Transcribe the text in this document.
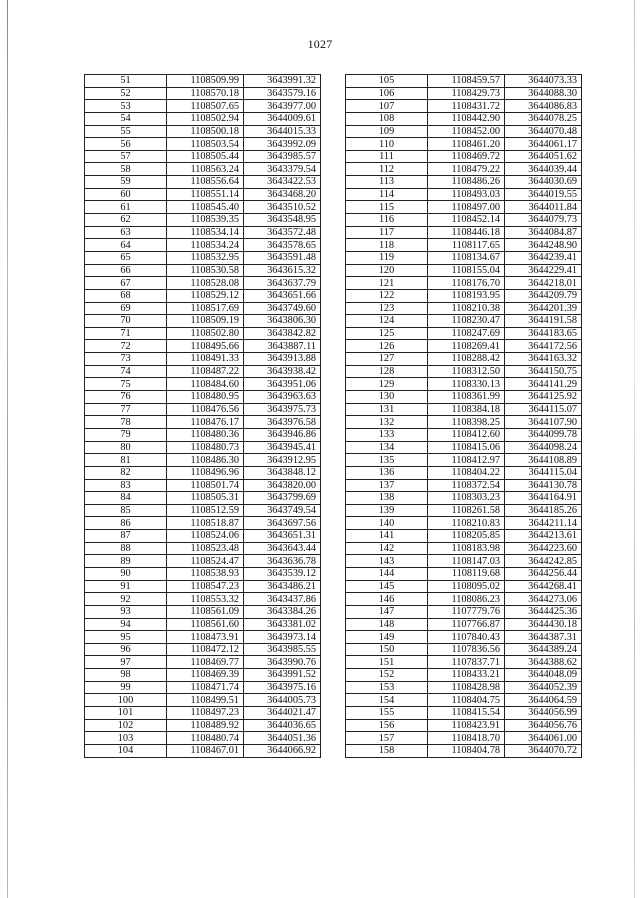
1027
51	1108509.99	3643991.32
52	1108570.18	3643579.16
53	1108507.65	3643977.00
54	1108502.94	3644009.61
55	1108500.18	3644015.33
56	1108503.54	3643992.09
57	1108505.44	3643985.57
58	1108563.24	3643379.54
59	1108556.64	3643422.53
60	1108551.14	3643468.20
61	1108545.40	3643510.52
62	1108539.35	3643548.95
63	1108534.14	3643572.48
64	1108534.24	3643578.65
65	1108532.95	3643591.48
66	1108530.58	3643615.32
67	1108528.08	3643637.79
68	1108529.12	3643651.66
69	1108517.69	3643749.60
70	1108509.19	3643806.30
71	1108502.80	3643842.82
72	1108495.66	3643887.11
73	1108491.33	3643913.88
74	1108487.22	3643938.42
75	1108484.60	3643951.06
76	1108480.95	3643963.63
77	1108476.56	3643975.73
78	1108476.17	3643976.58
79	1108480.36	3643946.86
80	1108480.73	3643945.41
81	1108486.30	3643912.95
82	1108496.96	3643848.12
83	1108501.74	3643820.00
84	1108505.31	3643799.69
85	1108512.59	3643749.54
86	1108518.87	3643697.56
87	1108524.06	3643651.31
88	1108523.48	3643643.44
89	1108524.47	3643636.78
90	1108538.93	3643539.12
91	1108547.23	3643486.21
92	1108553.32	3643437.86
93	1108561.09	3643384.26
94	1108561.60	3643381.02
95	1108473.91	3643973.14
96	1108472.12	3643985.55
97	1108469.77	3643990.76
98	1108469.39	3643991.52
99	1108471.74	3643975.16
100	1108499.51	3644005.73
101	1108497.23	3644021.47
102	1108489.92	3644036.65
103	1108480.74	3644051.36
104	1108467.01	3644066.92
105	1108459.57	3644073.33
106	1108429.73	3644088.30
107	1108431.72	3644086.83
108	1108442.90	3644078.25
109	1108452.00	3644070.48
110	1108461.20	3644061.17
111	1108469.72	3644051.62
112	1108479.22	3644039.44
113	1108486.26	3644030.69
114	1108493.03	3644019.55
115	1108497.00	3644011.84
116	1108452.14	3644079.73
117	1108446.18	3644084.87
118	1108117.65	3644248.90
119	1108134.67	3644239.41
120	1108155.04	3644229.41
121	1108176.70	3644218.01
122	1108193.95	3644209.79
123	1108210.38	3644201.39
124	1108230.47	3644191.58
125	1108247.69	3644183.65
126	1108269.41	3644172.56
127	1108288.42	3644163.32
128	1108312.50	3644150.75
129	1108330.13	3644141.29
130	1108361.99	3644125.92
131	1108384.18	3644115.07
132	1108398.25	3644107.90
133	1108412.60	3644099.78
134	1108415.06	3644098.24
135	1108412.97	3644108.89
136	1108404.22	3644115.04
137	1108372.54	3644130.78
138	1108303.23	3644164.91
139	1108261.58	3644185.26
140	1108210.83	3644211.14
141	1108205.85	3644213.61
142	1108183.98	3644223.60
143	1108147.03	3644242.85
144	1108119.68	3644256.44
145	1108095.02	3644268.41
146	1108086.23	3644273.06
147	1107779.76	3644425.36
148	1107766.87	3644430.18
149	1107840.43	3644387.31
150	1107836.56	3644389.24
151	1107837.71	3644388.62
152	1108433.21	3644048.09
153	1108428.98	3644052.39
154	1108404.75	3644064.59
155	1108415.54	3644056.99
156	1108423.91	3644056.76
157	1108418.70	3644061.00
158	1108404.78	3644070.72
